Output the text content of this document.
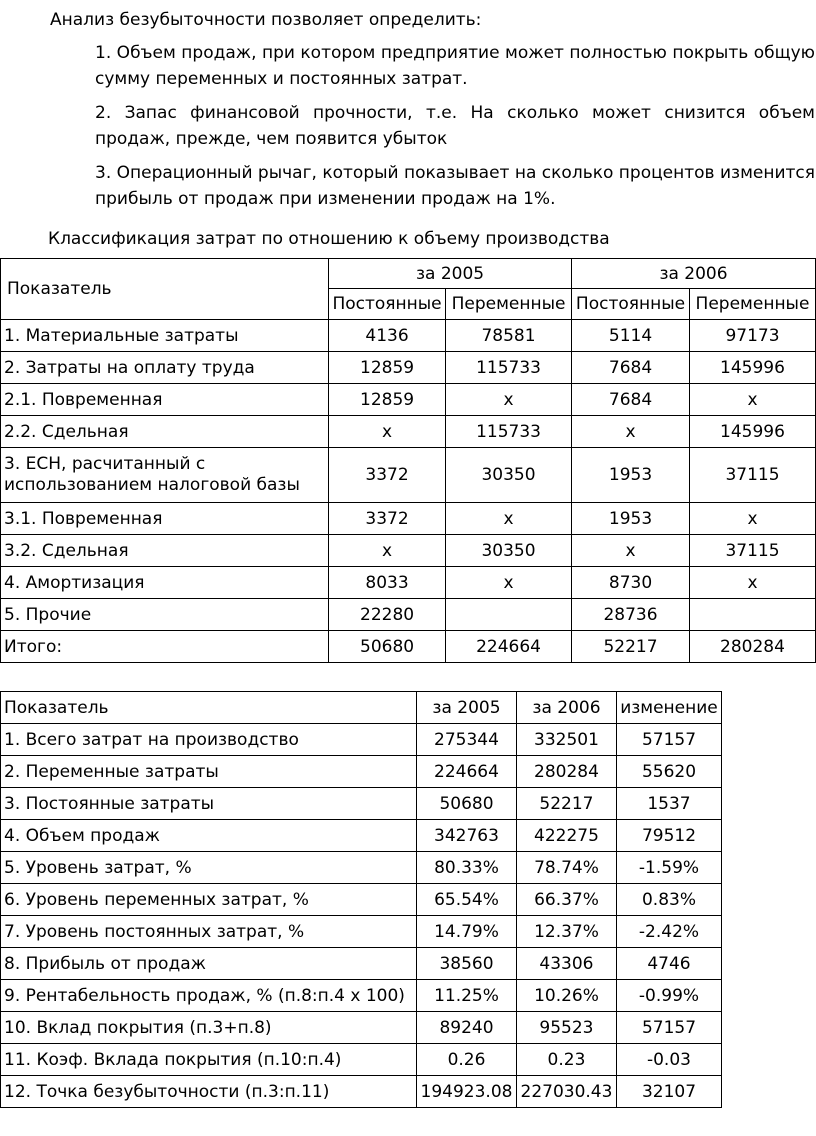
Анализ безубыточности позволяет определить:

1. Объем продаж, при котором предприятие может полностью покрыть общую сумму переменных и постоянных затрат.

2. Запас финансовой прочности, т.е. На сколько может снизится объем продаж, прежде, чем появится убыток

3. Операционный рычаг, который показывает на сколько процентов изменится прибыль от продаж при изменении продаж на 1%.

Классификация затрат по отношению к объему производства
Показатель	за 2005		за 2006	
	Постоянные	Переменные	Постоянные	Переменные
1. Материальные затраты	4136	78581	5114	97173
2. Затраты на оплату труда	12859	115733	7684	145996
2.1. Повременная	12859	х	7684	х
2.2. Сдельная	х	115733	х	145996
3. ЕСН, расчитанный с использованием налоговой базы	3372	30350	1953	37115
3.1. Повременная	3372	х	1953	х
3.2. Сдельная	х	30350	х	37115
4. Амортизация	8033	х	8730	х
5. Прочие	22280		28736	
Итого:	50680	224664	52217	280284
Показатель	за 2005	за 2006	изменение
1. Всего затрат на производство	275344	332501	57157
2. Переменные затраты	224664	280284	55620
3. Постоянные затраты	50680	52217	1537
4. Объем продаж	342763	422275	79512
5. Уровень затрат, %	80.33%	78.74%	-1.59%
6. Уровень переменных затрат, %	65.54%	66.37%	0.83%
7. Уровень постоянных затрат, %	14.79%	12.37%	-2.42%
8. Прибыль от продаж	38560	43306	4746
9. Рентабельность продаж, % (п.8:п.4 х 100)	11.25%	10.26%	-0.99%
10. Вклад покрытия (п.3+п.8)	89240	95523	57157
11. Коэф. Вклада покрытия (п.10:п.4)	0.26	0.23	-0.03
12. Точка безубыточности (п.3:п.11)	194923.08	227030.43	32107
